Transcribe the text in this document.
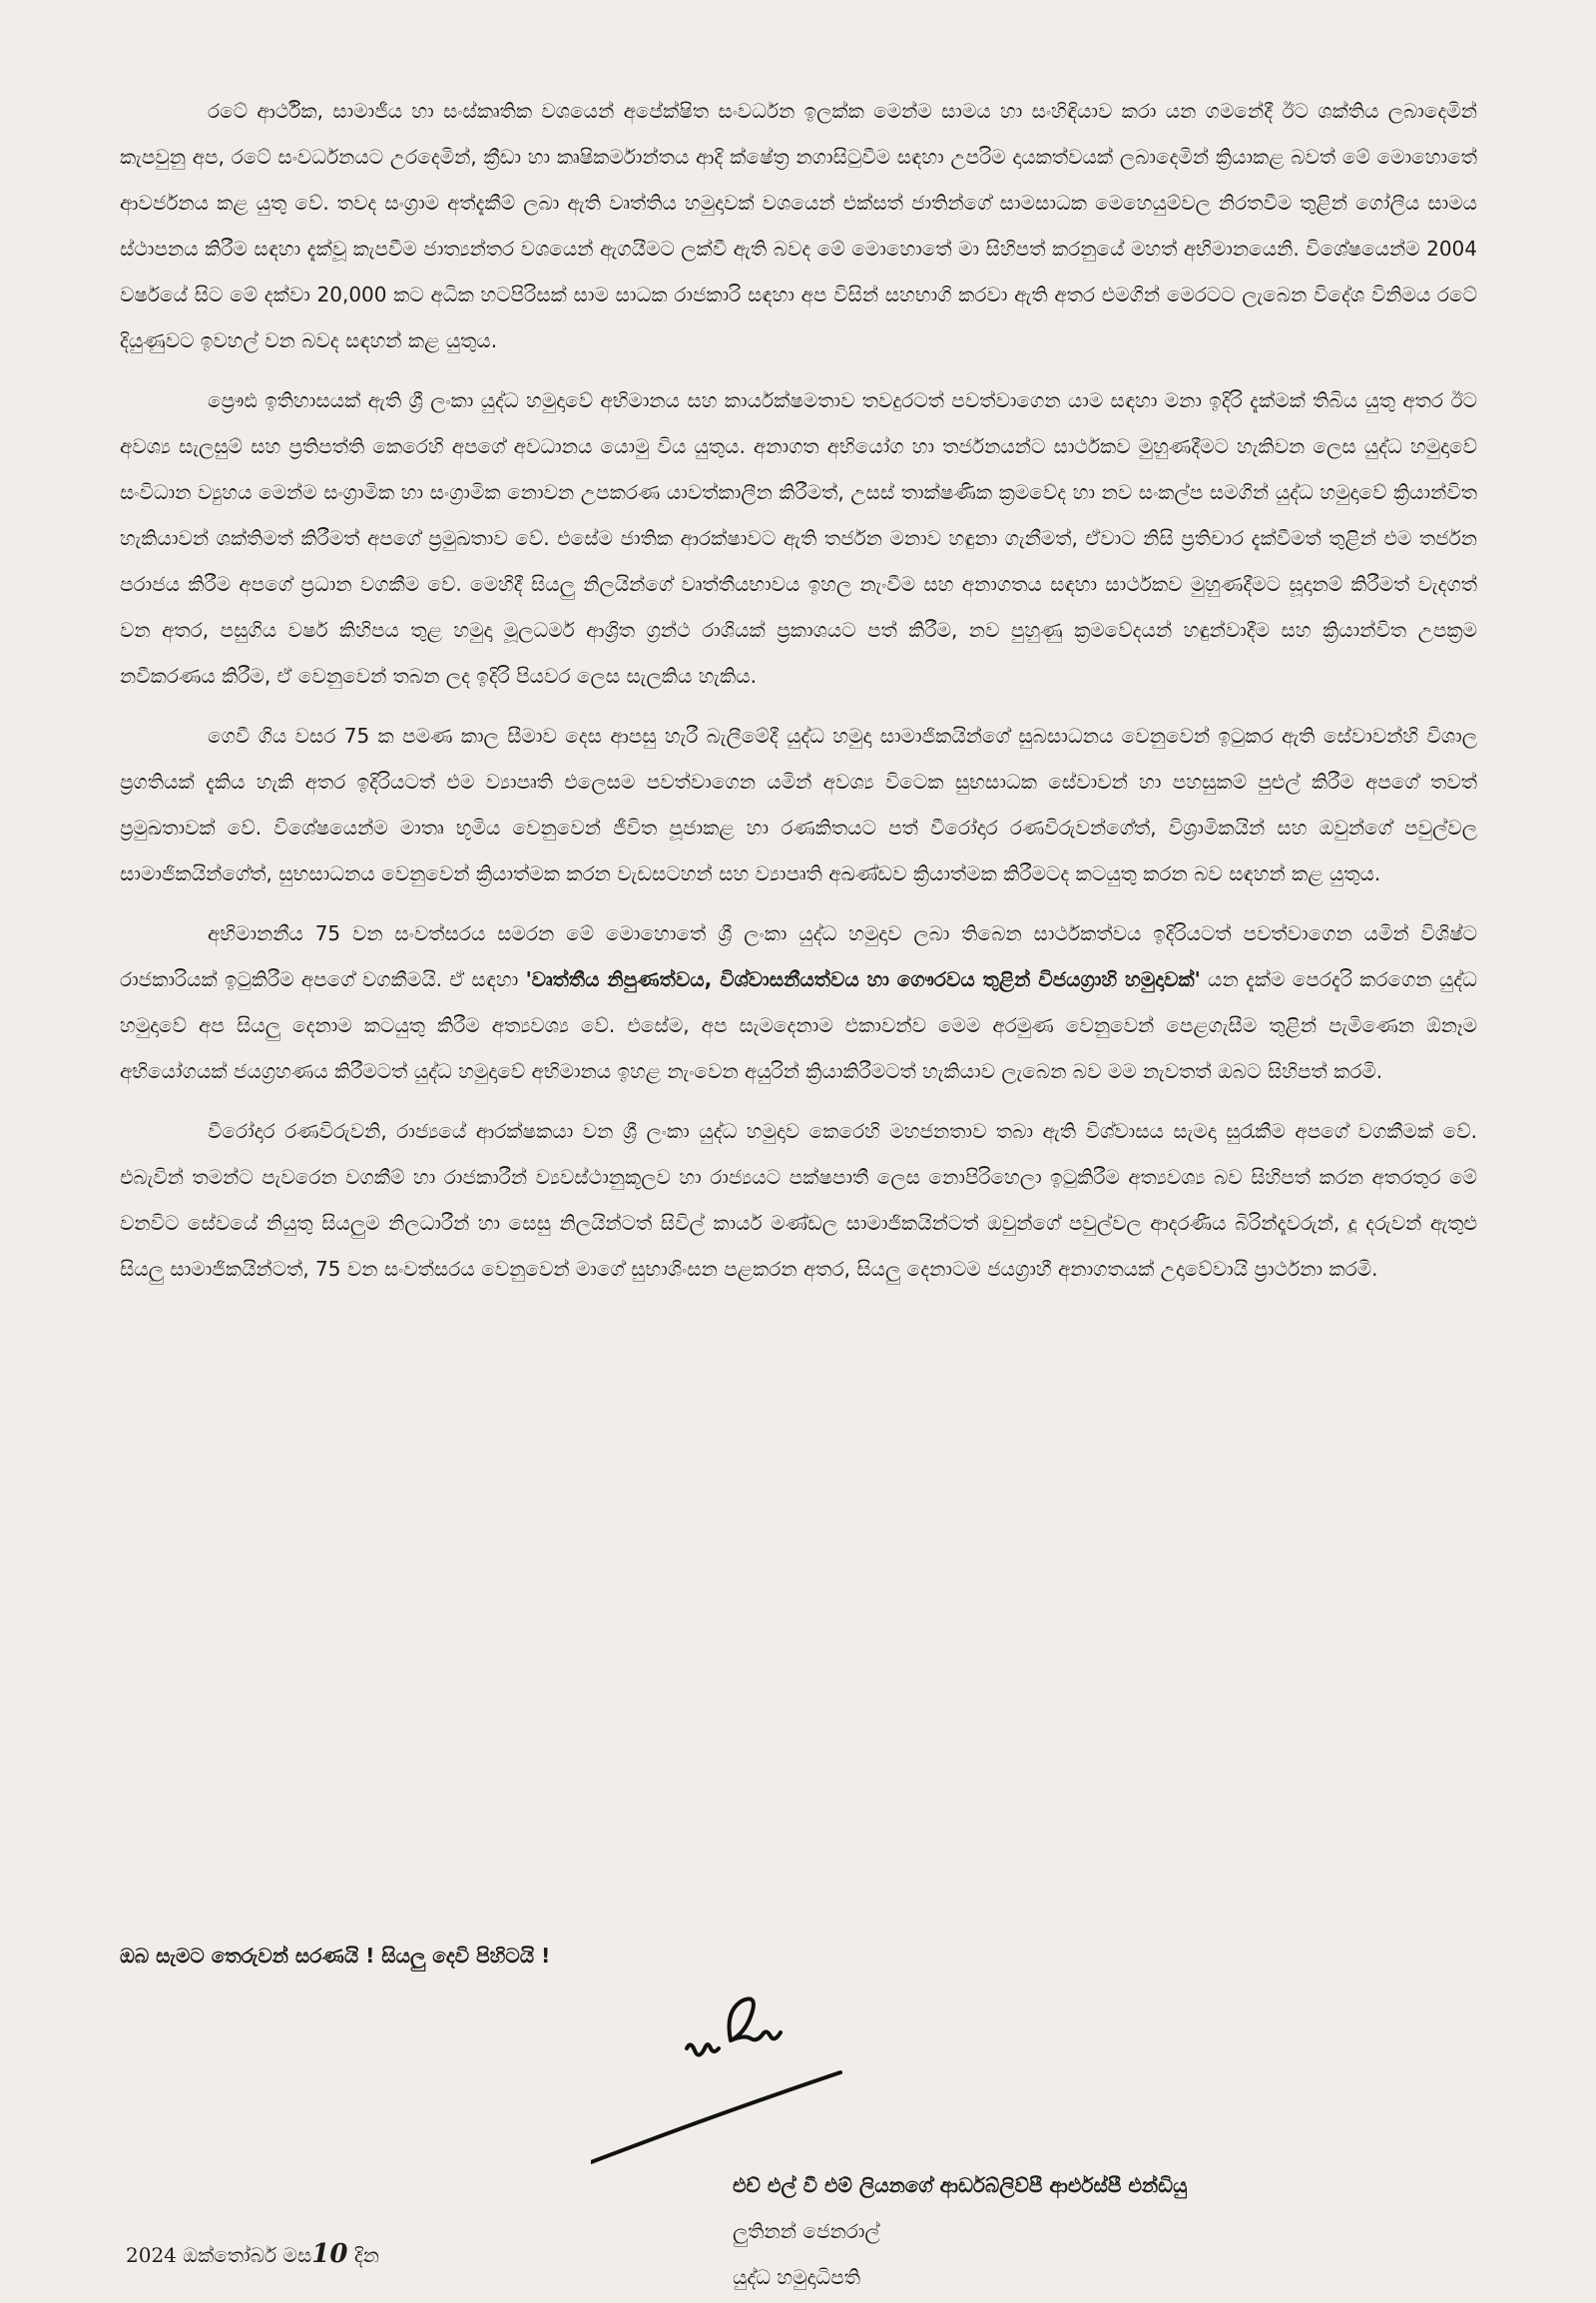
රටේ ආර්ථික, සාමාජීය හා සංස්කෘතික වශයෙන් අපේක්ෂිත සංවර්ධන ඉලක්ක මෙන්ම සාමය හා සංහිඳියාව කරා යන ගමනේදී ඊට ශක්තිය ලබාදෙමින් කැපවුනු අප, රටේ සංවර්ධනයට උරදෙමින්, ක්‍රීඩා හා කෘෂිකර්මාන්තය ආදි ක්ෂේත්‍ර නගාසිටුවීම සඳහා උපරිම දායකත්වයක් ලබාදෙමින් ක්‍රියාකළ බවත් මේ මොහොතේ ආවර්ජනය කළ යුතු වේ. තවද සංග්‍රාම අත්දැකීම් ලබා ඇති වෘත්තිය හමුදාවක් වශයෙන් එක්සත් ජාතින්ගේ සාමසාධක මෙහෙයුම්වල නිරතවීම තුළින් ගෝලීය සාමය ස්ථාපනය කිරීම සඳහා දැක්වූ කැපවීම ජාත්‍යන්තර වශයෙන් ඇගයීමට ලක්වී ඇති බවද මේ මොහොතේ මා සිහිපත් කරනුයේ මහත් අභිමානයෙනි. විශේෂයෙන්ම 2004 වර්ෂයේ සිට මේ දක්වා 20,000 කට අධික හටපිරිසක් සාම සාධක රාජකාරි සඳහා අප විසින් සහභාගි කරවා ඇති අතර එමගින් මෙරටට ලැබෙන විදේශ විනිමය රටේ දියුණුවට ඉවහල් වන බවද සඳහන් කළ යුතුය.

ප්‍රෞඪ ඉතිහාසයක් ඇති ශ්‍රී ලංකා යුද්ධ හමුදාවේ අභිමානය සහ කාර්යක්ෂමතාව තවදුරටත් පවත්වාගෙන යාම සඳහා මනා ඉදිරි දැක්මක් තිබිය යුතු අතර ඊට අවශ්‍ය සැලසුම් සහ ප්‍රතිපත්ති කෙරෙහි අපගේ අවධානය යොමු විය යුතුය. අනාගත අභියෝග හා තර්ජනයන්ට සාර්ථකව මුහුණදීමට හැකිවන ලෙස යුද්ධ හමුදාවේ සංවිධාන ව්‍යුහය මෙන්ම සංග්‍රාමික හා සංග්‍රාමික නොවන උපකරණ යාවත්කාලීන කිරීමත්, උසස් තාක්ෂණික ක්‍රමවේද හා නව සංකල්ප සමගින් යුද්ධ හමුදාවේ ක්‍රියාන්විත හැකියාවන් ශක්තිමත් කිරීමත් අපගේ ප්‍රමුඛතාව වේ. එසේම ජාතික ආරක්ෂාවට ඇති තර්ජන මනාව හඳුනා ගැනීමත්, ඒවාට නිසි ප්‍රතිචාර දැක්වීමත් තුළින් එම තර්ජන පරාජය කිරීම අපගේ ප්‍රධාන වගකීම වේ. මෙහිදී සියලු නිලයින්ගේ වෘත්තීයභාවය ඉහල නැංවීම සහ අනාගතය සඳහා සාර්ථකව මුහුණදීමට සූදානම් කිරීමත් වැදගත් වන අතර, පසුගිය වර්ෂ කිහිපය තුළ හමුදා මූලධර්ම ආශ්‍රිත ග්‍රන්ථ රාශියක් ප්‍රකාශයට පත් කිරීම, නව පුහුණු ක්‍රමවේදයන් හඳුන්වාදීම සහ ක්‍රියාන්විත උපක්‍රම නවීකරණය කිරීම, ඒ වෙනුවෙන් තබන ලද ඉදිරි පියවර ලෙස සැලකිය හැකිය.

ගෙවී ගිය වසර 75 ක පමණ කාල සීමාව දෙස ආපසු හැරී බැලීමේදී යුද්ධ හමුදා සාමාජිකයින්ගේ සුබසාධනය වෙනුවෙන් ඉටුකර ඇති සේවාවන්හි විශාල ප්‍රගතියක් දැකිය හැකි අතර ඉදිරියටත් එම ව්‍යාපෘති එලෙසම පවත්වාගෙන යමින් අවශ්‍ය විටෙක සුභසාධක සේවාවන් හා පහසුකම් පුළුල් කිරීම අපගේ තවත් ප්‍රමුඛතාවක් වේ. විශේෂයෙන්ම මාතෘ භූමිය වෙනුවෙන් ජීවිත පූජාකළ හා රණකිතයට පත් වීරෝදාර රණවිරුවන්ගේත්, විශ්‍රාමිකයින් සහ ඔවුන්ගේ පවුල්වල සාමාජිකයින්ගේත්, සුභසාධනය වෙනුවෙන් ක්‍රියාත්මක කරන වැඩසටහන් සහ ව්‍යාපෘති අඛණ්ඩව ක්‍රියාත්මක කිරීමටද කටයුතු කරන බව සඳහන් කළ යුතුය.

අභිමානනීය 75 වන සංවත්සරය සමරන මේ මොහොතේ ශ්‍රී ලංකා යුද්ධ හමුදාව ලබා තිබෙන සාර්ථකත්වය ඉදිරියටත් පවත්වාගෙන යමින් විශිෂ්ට රාජකාරියක් ඉටුකිරීම අපගේ වගකීමයි. ඒ සඳහා 'වෘත්තීය නිපුණත්වය, විශ්වාසනීයත්වය හා ගෞරවය තුළින් විජයග්‍රාහි හමුදාවක්' යන දැක්ම පෙරදැරි කරගෙන යුද්ධ හමුදාවේ අප සියලු දෙනාම කටයුතු කිරීම අත්‍යවශ්‍ය වේ. එසේම, අප සැමදෙනාම එකාවන්ව මෙම අරමුණ වෙනුවෙන් පෙළගැසීම තුළින් පැමිණෙන ඕනෑම අභියෝගයක් ජයග්‍රහණය කිරීමටත් යුද්ධ හමුදාවේ අභිමානය ඉහළ නැංවෙන අයුරින් ක්‍රියාකිරීමටත් හැකියාව ලැබෙන බව මම නැවතත් ඔබට සිහිපත් කරමි.

වීරෝදාර රණවිරුවනි, රාජ්‍යයේ ආරක්ෂකයා වන ශ්‍රී ලංකා යුද්ධ හමුදාව කෙරෙහි මහජනතාව තබා ඇති විශ්වාසය සැමදා සුරැකීම අපගේ වගකීමක් වේ. එබැවින් තමන්ට පැවරෙන වගකීම් හා රාජකාරීන් ව්‍යවස්ථානුකූලව හා රාජ්‍යයට පක්ෂපාතී ලෙස නොපිරිහෙලා ඉටුකිරීම අත්‍යවශ්‍ය බව සිහිපත් කරන අතරතුර මේ වනවිට සේවයේ නියුතු සියලුම නිලධාරීන් හා සෙසු නිලයින්ටත් සිවිල් කාර්ය මණ්ඩල සාමාජිකයින්ටත් ඔවුන්ගේ පවුල්වල ආදරණීය බිරින්දෑවරුන්, දූ දරුවන් ඇතුළු සියලු සාමාජිකයින්ටත්, 75 වන සංවත්සරය වෙනුවෙන් මාගේ සුභාශිංසන පළකරන අතර, සියලු දෙනාටම ජයග්‍රාහී අනාගතයක් උදාවේවායි ප්‍රාර්ථනා කරමි.

ඔබ සැමට තෙරුවන් සරණයි ! සියලු දෙවි පිහිටයි !
එච් එල් වී එම් ලියනගේ ආර්ඩබ්ලිව්පී ආර්එස්පී එන්ඩියු
ලුතිනන් ජෙනරාල්
යුද්ධ හමුදාධිපති
2024 ඔක්තෝබර් මස10 දින
